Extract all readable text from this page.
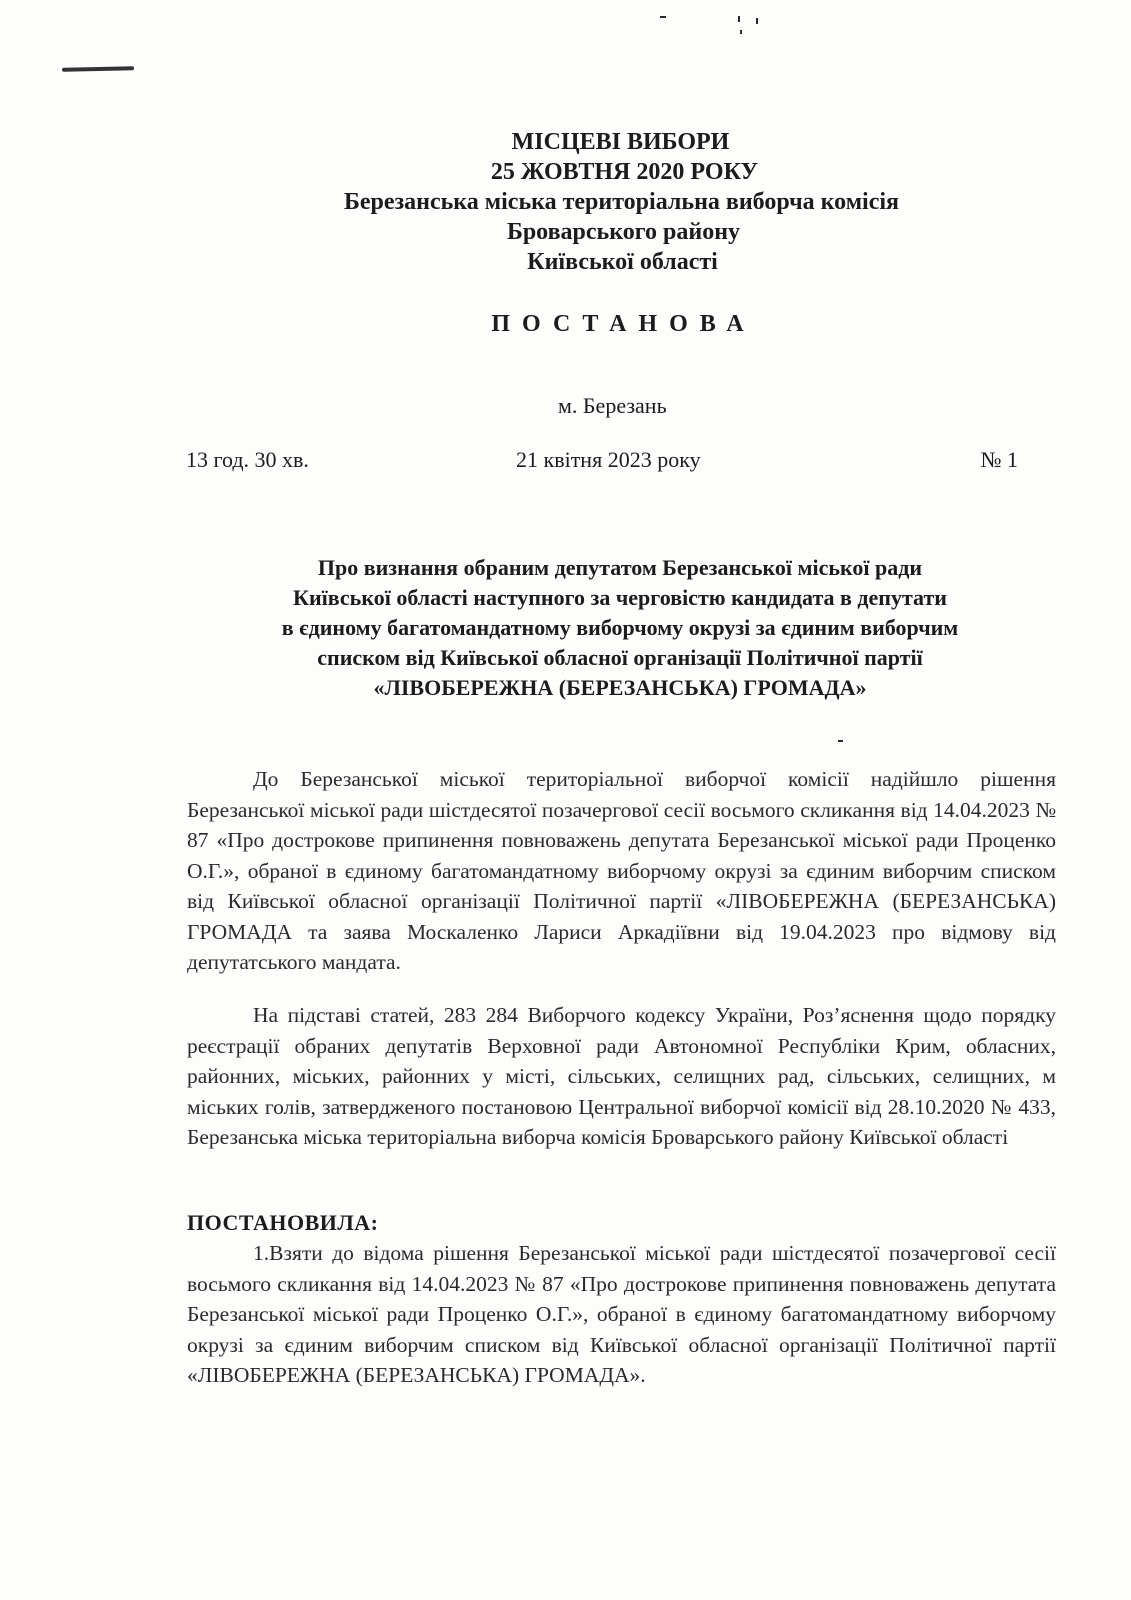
МІСЦЕВІ ВИБОРИ
25 ЖОВТНЯ 2020 РОКУ
Березанська міська територіальна виборча комісія
Броварського району
Київської області
ПОСТАНОВА
м. Березань
13 год. 30 хв.	21 квітня 2023 року	№ 1
Про визнання обраним депутатом Березанської міської ради
Київської області наступного за черговістю кандидата в депутати
в єдиному багатомандатному виборчому окрузі за єдиним виборчим
списком від Київської обласної організації Політичної партії
«ЛІВОБЕРЕЖНА (БЕРЕЗАНСЬКА) ГРОМАДА»

До Березанської міської територіальної виборчої комісії надійшло рішення Березанської міської ради шістдесятої позачергової сесії восьмого скликання від 14.04.2023 № 87 «Про дострокове припинення повноважень депутата Березанської міської ради Проценко О.Г.», обраної в єдиному багатомандатному виборчому окрузі за єдиним виборчим списком від Київської обласної організації Політичної партії «ЛІВОБЕРЕЖНА (БЕРЕЗАНСЬКА) ГРОМАДА та заява Москаленко Лариси Аркадіївни від 19.04.2023 про відмову від депутатського мандата.

На підставі статей, 283 284 Виборчого кодексу України, Роз’яснення щодо порядку реєстрації обраних депутатів Верховної ради Автономної Республіки Крим, обласних, районних, міських, районних у місті, сільських, селищних рад, сільських, селищних, м міських голів, затвердженого постановою Центральної виборчої комісії від 28.10.2020 № 433, Березанська міська територіальна виборча комісія Броварського району Київської області

ПОСТАНОВИЛА:

1.Взяти до відома рішення Березанської міської ради шістдесятої позачергової сесії восьмого скликання від 14.04.2023 № 87 «Про дострокове припинення повноважень депутата Березанської міської ради Проценко О.Г.», обраної в єдиному багатомандатному виборчому окрузі за єдиним виборчим списком від Київської обласної організації Політичної партії «ЛІВОБЕРЕЖНА (БЕРЕЗАНСЬКА) ГРОМАДА».
